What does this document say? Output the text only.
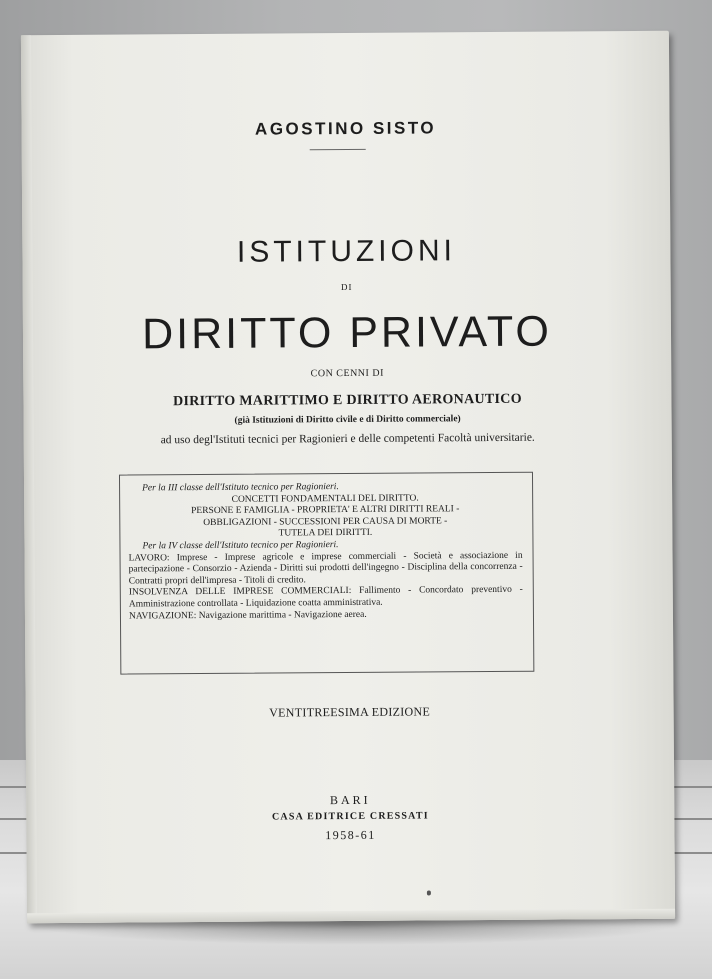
AGOSTINO SISTO
ISTITUZIONI
DI
DIRITTO PRIVATO
CON CENNI DI
DIRITTO MARITTIMO E DIRITTO AERONAUTICO
(già Istituzioni di Diritto civile e di Diritto commerciale)
ad uso degl'Istituti tecnici per Ragionieri e delle competenti Facoltà universitarie.
Per la III classe dell'Istituto tecnico per Ragionieri.
CONCETTI FONDAMENTALI DEL DIRITTO.
PERSONE E FAMIGLIA - PROPRIETA' E ALTRI DIRITTI REALI -
OBBLIGAZIONI - SUCCESSIONI PER CAUSA DI MORTE -
TUTELA DEI DIRITTI.
Per la IV classe dell'Istituto tecnico per Ragionieri.
LAVORO: Imprese - Imprese agricole e imprese commerciali - Società e associazione in partecipazione - Consorzio - Azienda - Diritti sui prodotti dell'ingegno - Disciplina della concorrenza - Contratti propri dell'impresa - Titoli di credito.
INSOLVENZA DELLE IMPRESE COMMERCIALI: Fallimento - Concordato preventivo - Amministrazione controllata - Liquidazione coatta amministrativa.
NAVIGAZIONE: Navigazione marittima - Navigazione aerea.
VENTITREESIMA EDIZIONE
BARI
CASA EDITRICE CRESSATI
1958-61
